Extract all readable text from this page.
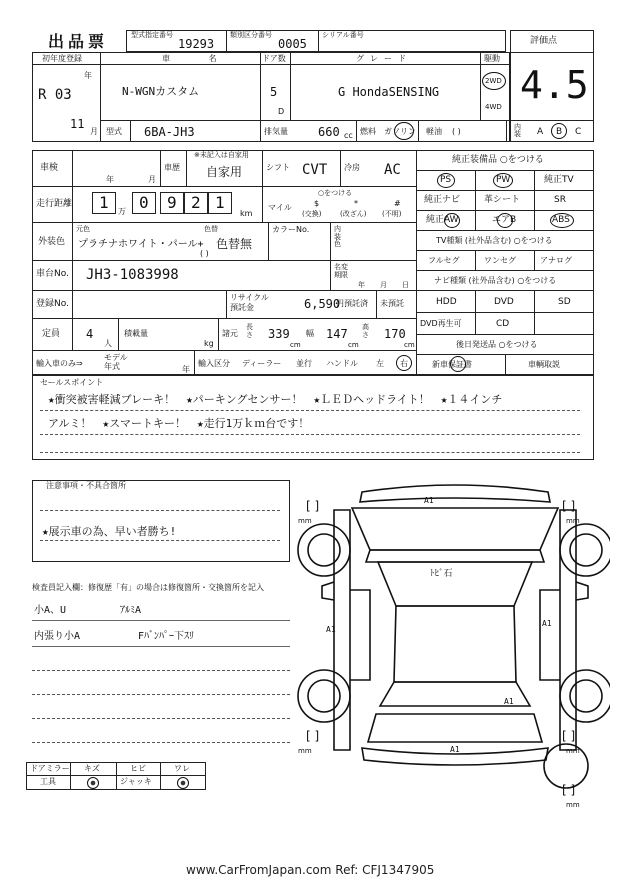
出品票	型式指定番号
19293
類別区分番号
0005
シリアル番号
評価点
4.5
初年度登録
年
R 03
11
月
車 名
N-WGNカスタム
ドア数
5
D
グレード
G HondaSENSING
駆動
2WD
4WD
型式 6BA-JH3	排気量	660 cc 燃料 ガソリン 軽油 ( )	内装	A B C
車検
年	月
車歴
※未記入は自家用
自家用	シフト CVT 冷房 AC
走行距離 1 万 0 9 2 1
km
マイル
○をつける
$
(交換)
*
(改ざん)
#
(不明)
外装色
元色
プラチナホワイト・パール+
色替
色替無
( )
カラーNo.	内装色
車台No. JH3-1083998	名変期限
年 月 日
登録No.
リサイクル預託金	6,590
円預託済 未預託
定員 4
人
積載量
kg
諸元
長さ 339
cm
幅 147
cm
高さ 170
cm
輸入車のみ⇒
モデル年式	年
輸入区分 ディーラー 並行 ハンドル 左 右
純正装備品 ○をつける
PS	PW	純正TV
純正ナビ	革シート	SR
純正AW	エアB	ABS
TV種類 (社外品含む) ○をつける
フルセグ	ワンセグ	アナログ
ナビ種類 (社外品含む) ○をつける
HDD	DVD	SD
DVD再生可	CD
後日発送品 ○をつける
新車保証書	車輌取説
セールスポイント
★衝突被害軽減ブレーキ！　★パーキングセンサー！　★ＬＥＤヘッドライト！　★１４インチ
アルミ！　★スマートキー！　★走行1万ｋｍ台です！
注意事項・不具合箇所
★展示車の為、早い者勝ち!
検査員記入欄：修復歴「有」の場合は修復箇所・交換箇所を記入
小A、U	ｱﾙﾐA
内張り小A	Fﾊﾞﾝﾊﾟｰ下ｽﾘ
ドアミラー キズ	ヒビ	ワレ
工具	ジャッキ
A1
ﾄﾋﾞ石
A1
A1
A1
A1
[ ]
mm
[ ]
mm
[ ]
mm
[ ]
mm
[ ]
mm
www.CarFromJapan.com Ref: CFJ1347905
